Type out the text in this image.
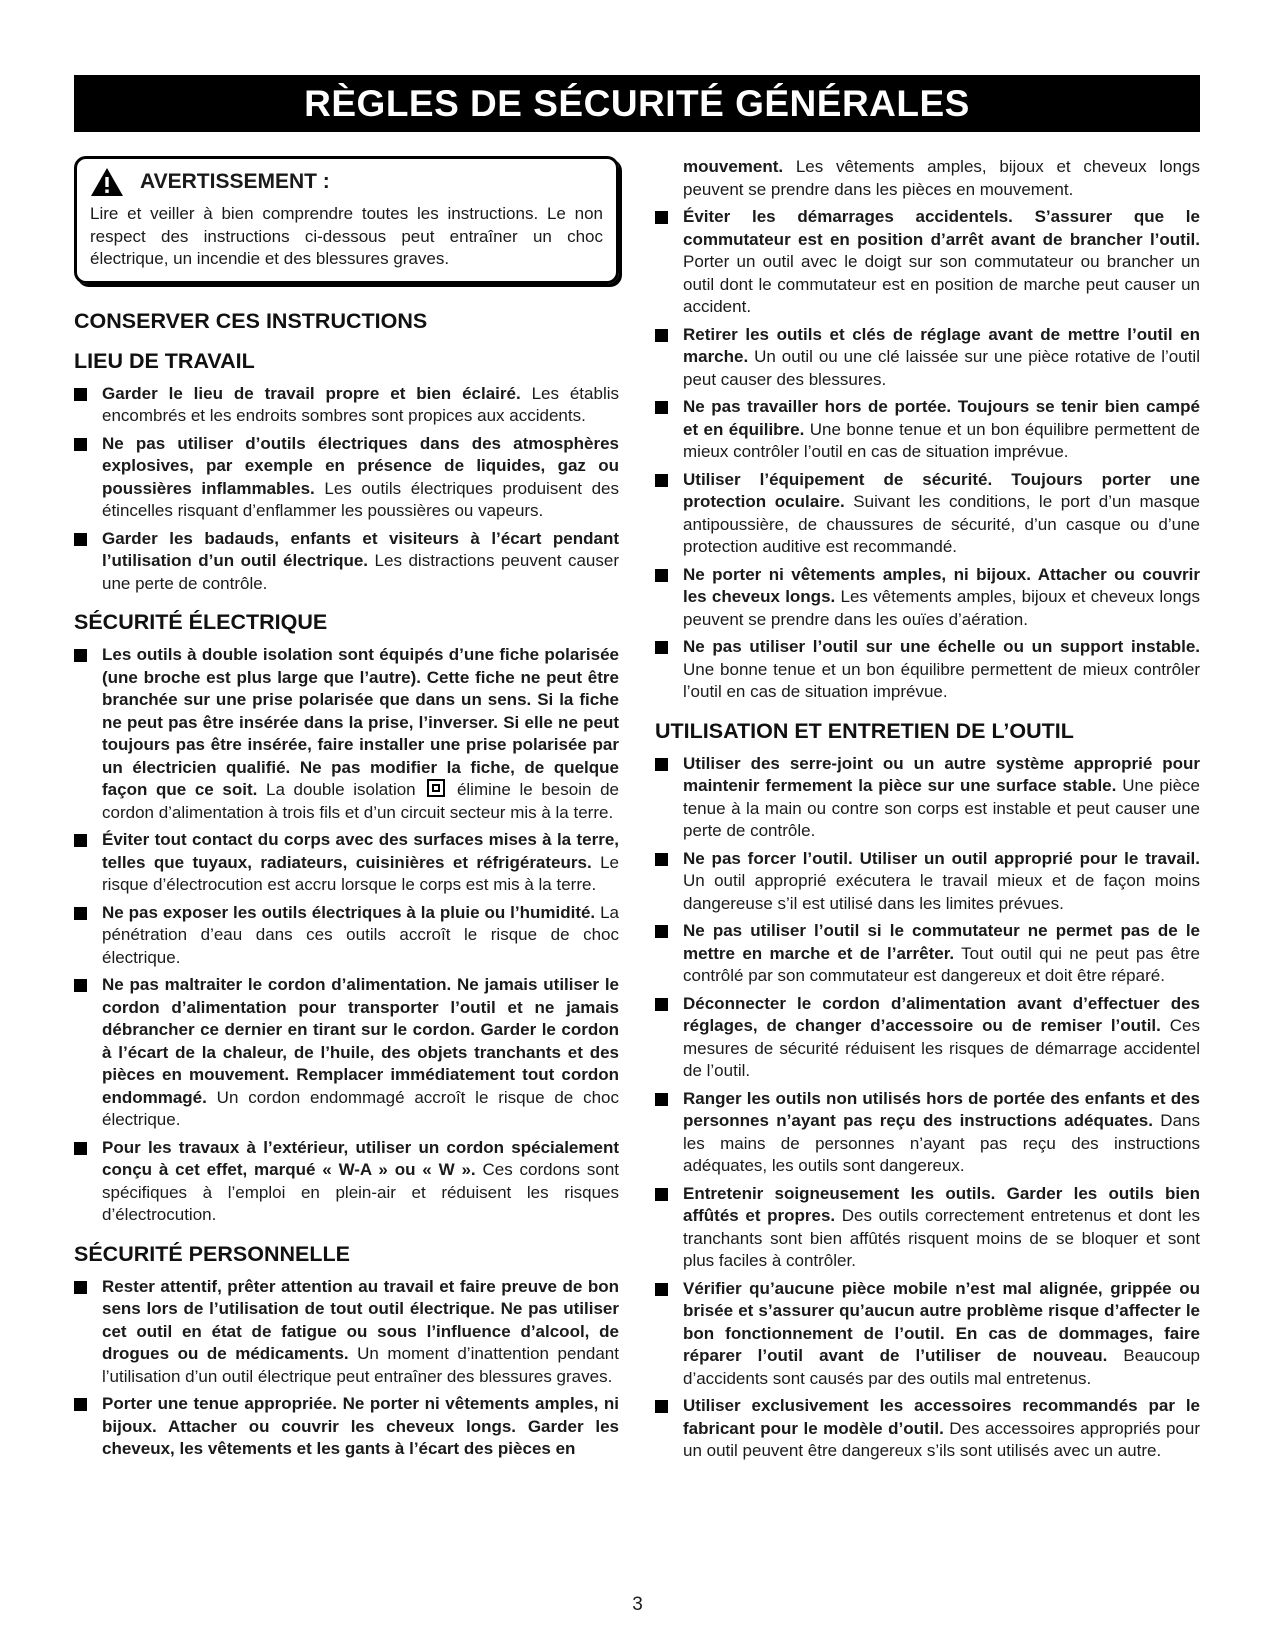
RÈGLES DE SÉCURITÉ GÉNÉRALES
AVERTISSEMENT :
Lire et veiller à bien comprendre toutes les instructions. Le non respect des instructions ci-dessous peut entraîner un choc électrique, un incendie et des blessures graves.
CONSERVER CES INSTRUCTIONS
LIEU DE TRAVAIL
Garder le lieu de travail propre et bien éclairé. Les établis encombrés et les endroits sombres sont propices aux accidents.
Ne pas utiliser d’outils électriques dans des atmosphères explosives, par exemple en présence de liquides, gaz ou poussières inflammables. Les outils électriques produisent des étincelles risquant d’enflammer les poussières ou vapeurs.
Garder les badauds, enfants et visiteurs à l’écart pendant l’utilisation d’un outil électrique. Les distractions peuvent causer une perte de contrôle.
SÉCURITÉ ÉLECTRIQUE
Les outils à double isolation sont équipés d’une fiche polarisée (une broche est plus large que l’autre). Cette fiche ne peut être branchée sur une prise polarisée que dans un sens. Si la fiche ne peut pas être insérée dans la prise, l’inverser. Si elle ne peut toujours pas être insérée, faire installer une prise polarisée par un électricien qualifié. Ne pas modifier la fiche, de quelque façon que ce soit. La double isolation élimine le besoin de cordon d’alimentation à trois fils et d’un circuit secteur mis à la terre.
Éviter tout contact du corps avec des surfaces mises à la terre, telles que tuyaux, radiateurs, cuisinières et réfrigérateurs. Le risque d’électrocution est accru lorsque le corps est mis à la terre.
Ne pas exposer les outils électriques à la pluie ou l’humidité. La pénétration d’eau dans ces outils accroît le risque de choc électrique.
Ne pas maltraiter le cordon d’alimentation. Ne jamais utiliser le cordon d’alimentation pour transporter l’outil et ne jamais débrancher ce dernier en tirant sur le cordon. Garder le cordon à l’écart de la chaleur, de l’huile, des objets tranchants et des pièces en mouvement. Remplacer immédiatement tout cordon endommagé. Un cordon endommagé accroît le risque de choc électrique.
Pour les travaux à l’extérieur, utiliser un cordon spécialement conçu à cet effet, marqué « W-A » ou « W ». Ces cordons sont spécifiques à l’emploi en plein-air et réduisent les risques d’électrocution.
SÉCURITÉ PERSONNELLE
Rester attentif, prêter attention au travail et faire preuve de bon sens lors de l’utilisation de tout outil électrique. Ne pas utiliser cet outil en état de fatigue ou sous l’influence d’alcool, de drogues ou de médicaments. Un moment d’inattention pendant l’utilisation d’un outil électrique peut entraîner des blessures graves.
Porter une tenue appropriée. Ne porter ni vêtements amples, ni bijoux. Attacher ou couvrir les cheveux longs. Garder les cheveux, les vêtements et les gants à l’écart des pièces en
mouvement. Les vêtements amples, bijoux et cheveux longs peuvent se prendre dans les pièces en mouvement.
Éviter les démarrages accidentels. S’assurer que le commutateur est en position d’arrêt avant de brancher l’outil. Porter un outil avec le doigt sur son commutateur ou brancher un outil dont le commutateur est en position de marche peut causer un accident.
Retirer les outils et clés de réglage avant de mettre l’outil en marche. Un outil ou une clé laissée sur une pièce rotative de l’outil peut causer des blessures.
Ne pas travailler hors de portée. Toujours se tenir bien campé et en équilibre. Une bonne tenue et un bon équilibre permettent de mieux contrôler l’outil en cas de situation imprévue.
Utiliser l’équipement de sécurité. Toujours porter une protection oculaire. Suivant les conditions, le port d’un masque antipoussière, de chaussures de sécurité, d’un casque ou d’une protection auditive est recommandé.
Ne porter ni vêtements amples, ni bijoux. Attacher ou couvrir les cheveux longs. Les vêtements amples, bijoux et cheveux longs peuvent se prendre dans les ouïes d’aération.
Ne pas utiliser l’outil sur une échelle ou un support instable. Une bonne tenue et un bon équilibre permettent de mieux contrôler l’outil en cas de situation imprévue.
UTILISATION ET ENTRETIEN DE L’OUTIL
Utiliser des serre-joint ou un autre système approprié pour maintenir fermement la pièce sur une surface stable. Une pièce tenue à la main ou contre son corps est instable et peut causer une perte de contrôle.
Ne pas forcer l’outil. Utiliser un outil approprié pour le travail. Un outil approprié exécutera le travail mieux et de façon moins dangereuse s’il est utilisé dans les limites prévues.
Ne pas utiliser l’outil si le commutateur ne permet pas de le mettre en marche et de l’arrêter. Tout outil qui ne peut pas être contrôlé par son commutateur est dangereux et doit être réparé.
Déconnecter le cordon d’alimentation avant d’effectuer des réglages, de changer d’accessoire ou de remiser l’outil. Ces mesures de sécurité réduisent les risques de démarrage accidentel de l’outil.
Ranger les outils non utilisés hors de portée des enfants et des personnes n’ayant pas reçu des instructions adéquates. Dans les mains de personnes n’ayant pas reçu des instructions adéquates, les outils sont dangereux.
Entretenir soigneusement les outils. Garder les outils bien affûtés et propres. Des outils correctement entretenus et dont les tranchants sont bien affûtés risquent moins de se bloquer et sont plus faciles à contrôler.
Vérifier qu’aucune pièce mobile n’est mal alignée, grippée ou brisée et s’assurer qu’aucun autre problème risque d’affecter le bon fonctionnement de l’outil. En cas de dommages, faire réparer l’outil avant de l’utiliser de nouveau. Beaucoup d’accidents sont causés par des outils mal entretenus.
Utiliser exclusivement les accessoires recommandés par le fabricant pour le modèle d’outil. Des accessoires appropriés pour un outil peuvent être dangereux s’ils sont utilisés avec un autre.
3
